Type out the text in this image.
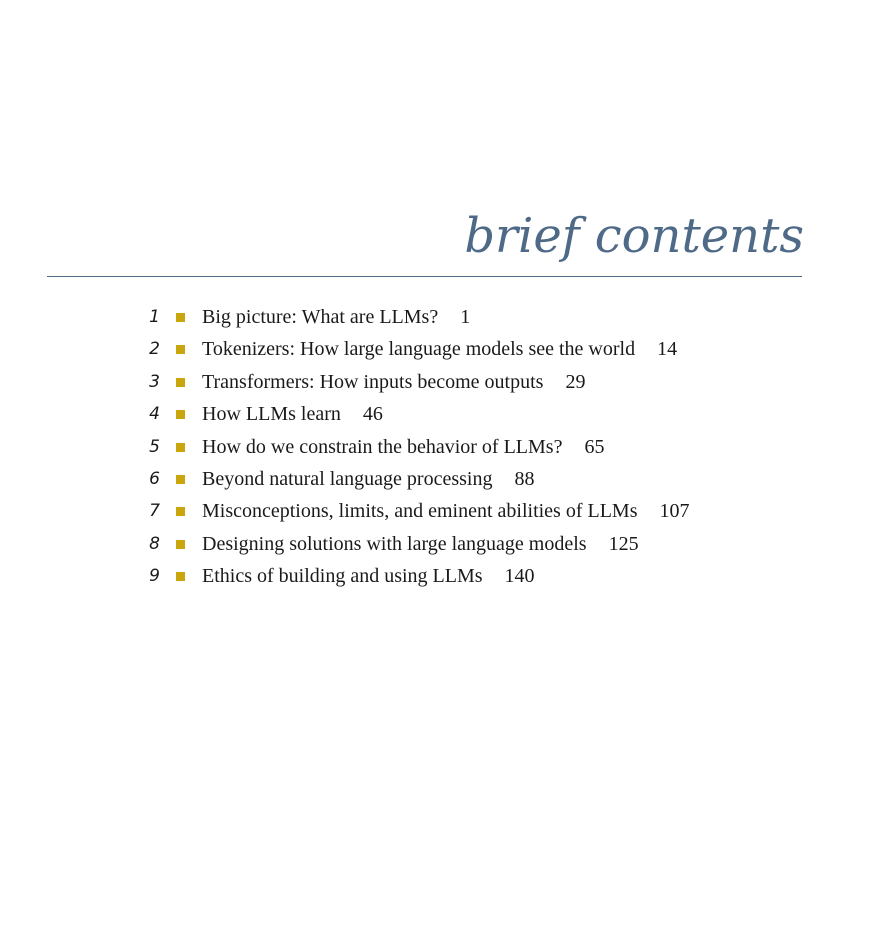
brief contents
1 Big picture: What are LLMs? 1
2 Tokenizers: How large language models see the world 14
3 Transformers: How inputs become outputs 29
4 How LLMs learn 46
5 How do we constrain the behavior of LLMs? 65
6 Beyond natural language processing 88
7 Misconceptions, limits, and eminent abilities of LLMs 107
8 Designing solutions with large language models 125
9 Ethics of building and using LLMs 140
